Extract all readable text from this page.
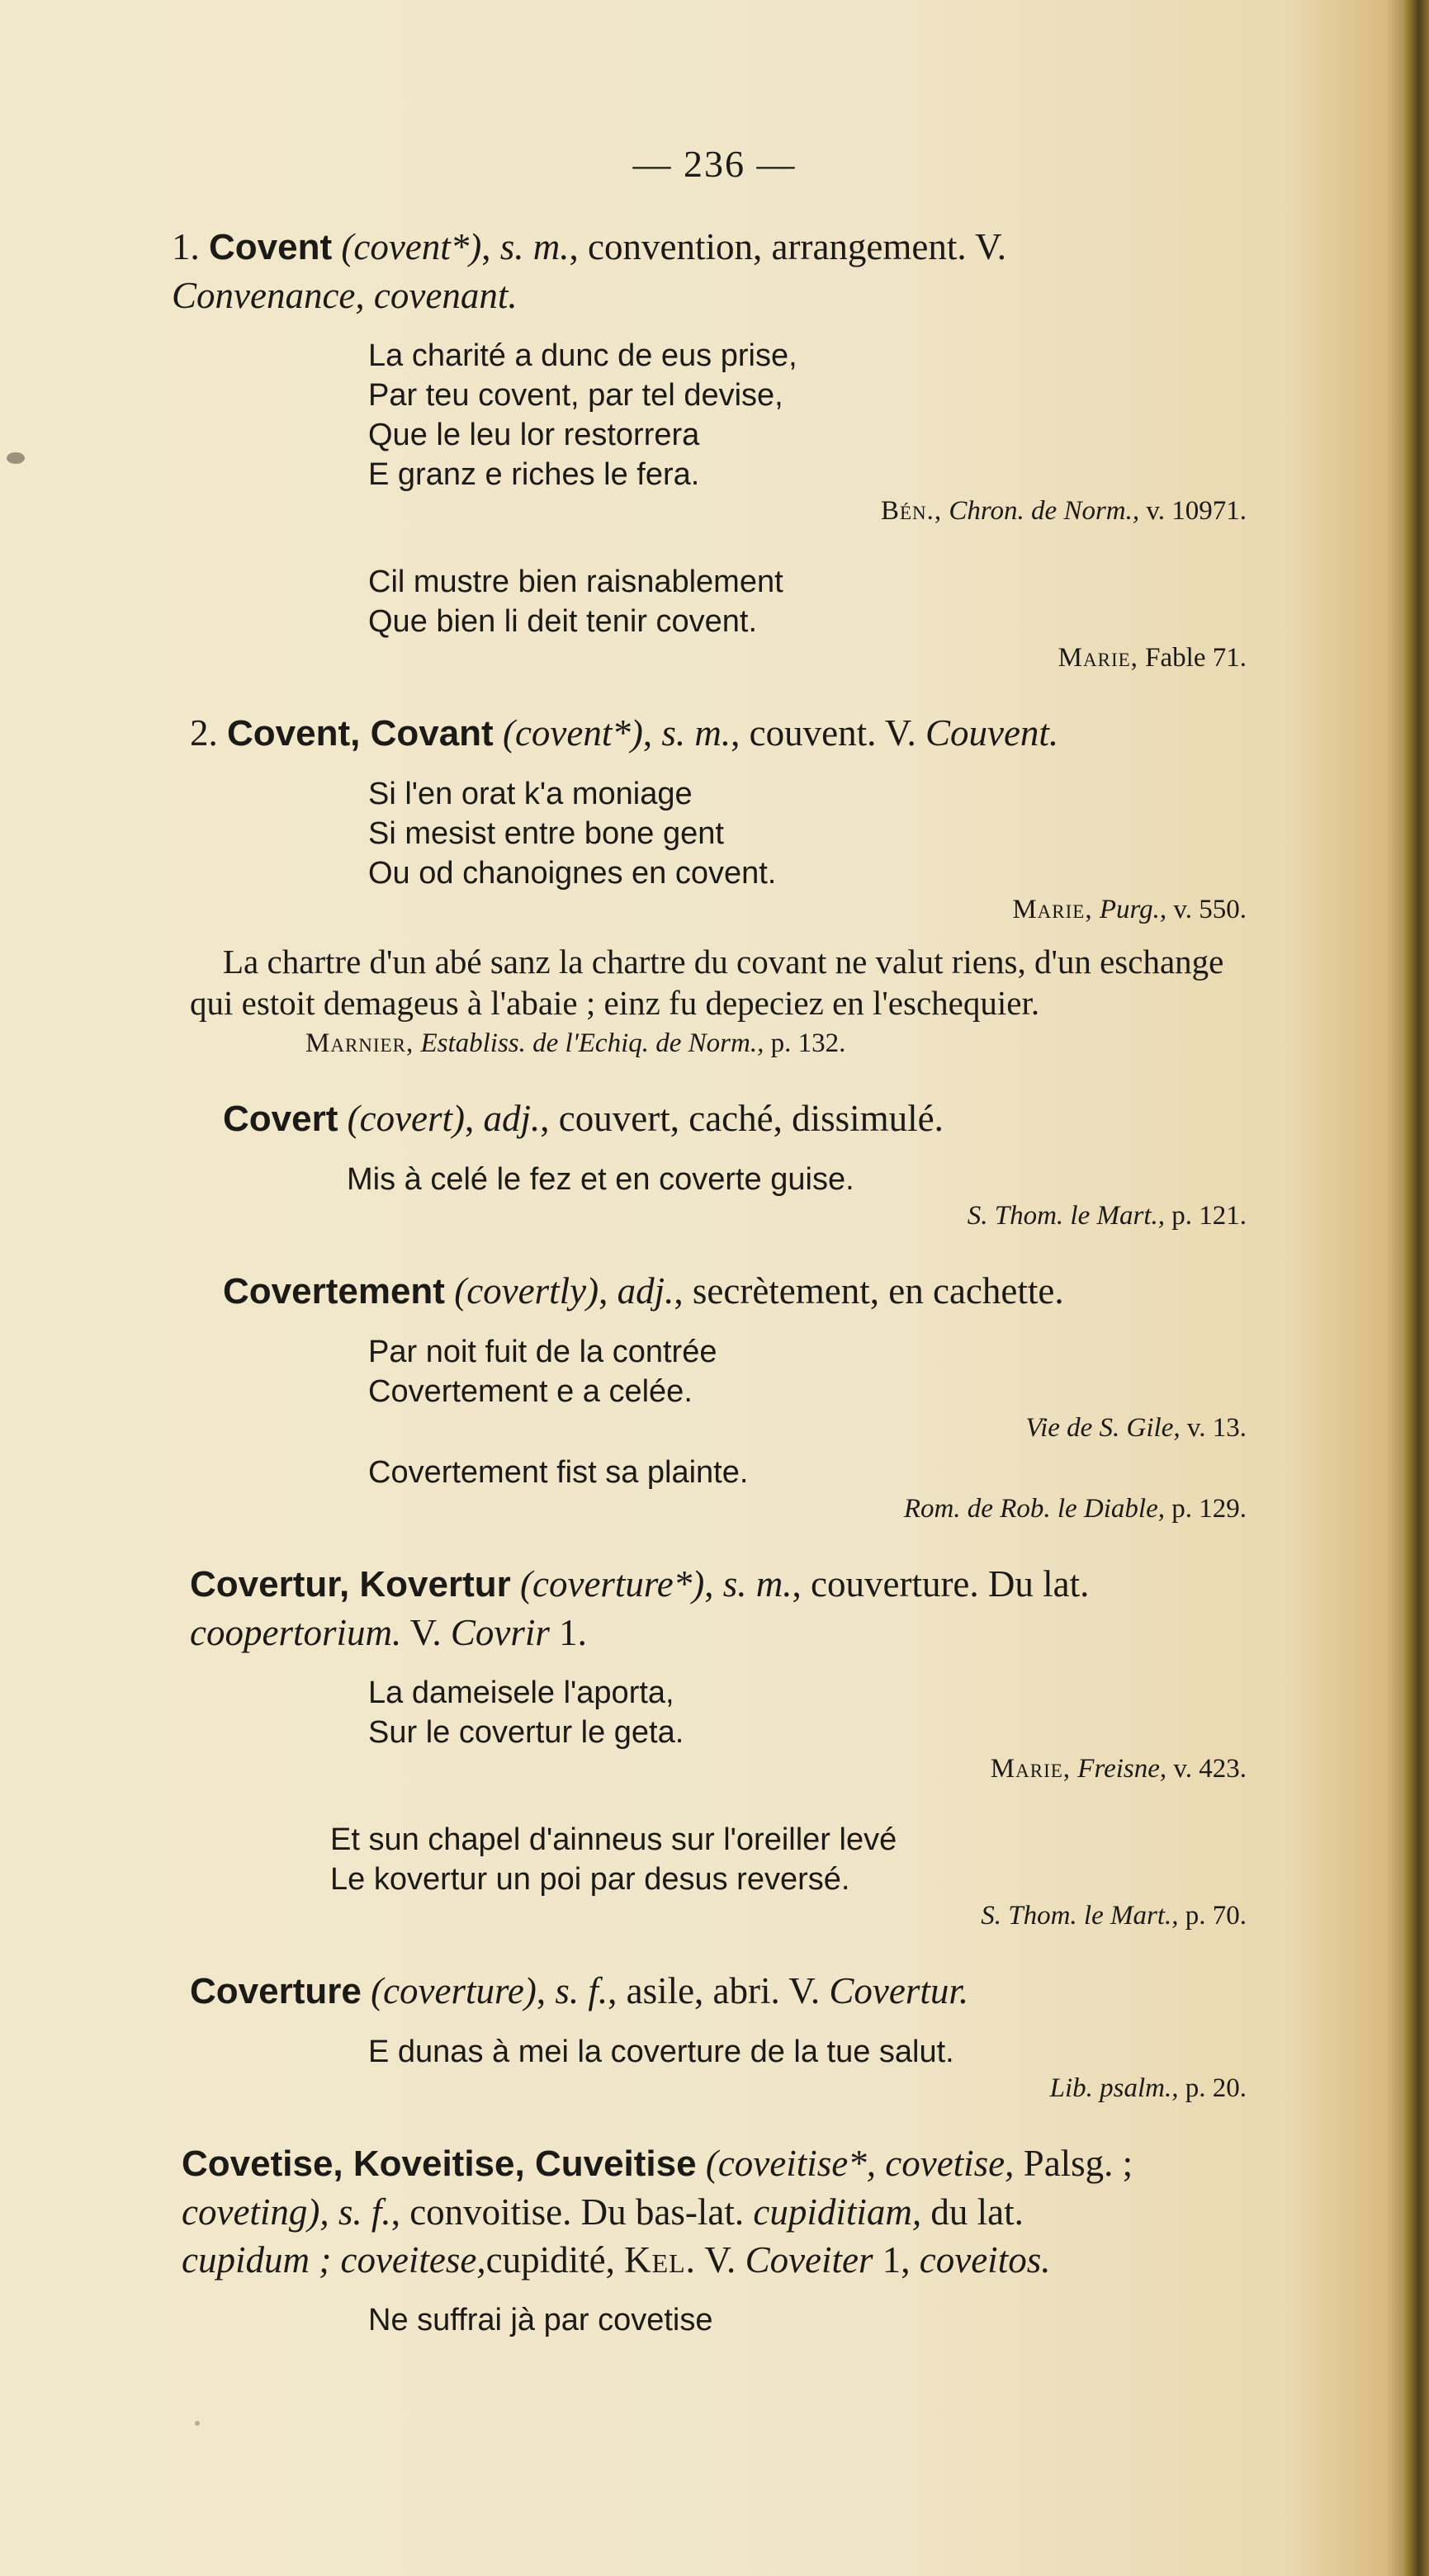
— 236 —
1. Covent (covent*), s. m., convention, arrangement. V.
Convenance, covenant.
La charité a dunc de eus prise,
Par teu covent, par tel devise,
Que le leu lor restorrera
E granz e riches le fera.
Bén., Chron. de Norm., v. 10971.
Cil mustre bien raisnablement
Que bien li deit tenir covent.
Marie, Fable 71.
2. Covent, Covant (covent*), s. m., couvent. V. Couvent.
Si l'en orat k'a moniage
Si mesist entre bone gent
Ou od chanoignes en covent.
Marie, Purg., v. 550.
La chartre d'un abé sanz la chartre du covant ne valut riens, d'un eschange qui estoit demageus à l'abaie ; einz fu depeciez en l'eschequier.
Marnier, Establiss. de l'Echiq. de Norm., p. 132.
Covert (covert), adj., couvert, caché, dissimulé.
Mis à celé le fez et en coverte guise.
S. Thom. le Mart., p. 121.
Covertement (covertly), adj., secrètement, en cachette.
Par noit fuit de la contrée
Covertement e a celée.
Vie de S. Gile, v. 13.
Covertement fist sa plainte.
Rom. de Rob. le Diable, p. 129.
Covertur, Kovertur (coverture*), s. m., couverture. Du lat.
coopertorium. V. Covrir 1.
La dameisele l'aporta,
Sur le covertur le geta.
Marie, Freisne, v. 423.
Et sun chapel d'ainneus sur l'oreiller levé
Le kovertur un poi par desus reversé.
S. Thom. le Mart., p. 70.
Coverture (coverture), s. f., asile, abri. V. Covertur.
E dunas à mei la coverture de la tue salut.
Lib. psalm., p. 20.
Covetise, Koveitise, Cuveitise (coveitise*, covetise, Palsg. ;
coveting), s. f., convoitise. Du bas-lat. cupiditiam, du lat.
cupidum ; coveitese,cupidité, Kel. V. Coveiter 1, coveitos.
Ne suffrai jà par covetise
